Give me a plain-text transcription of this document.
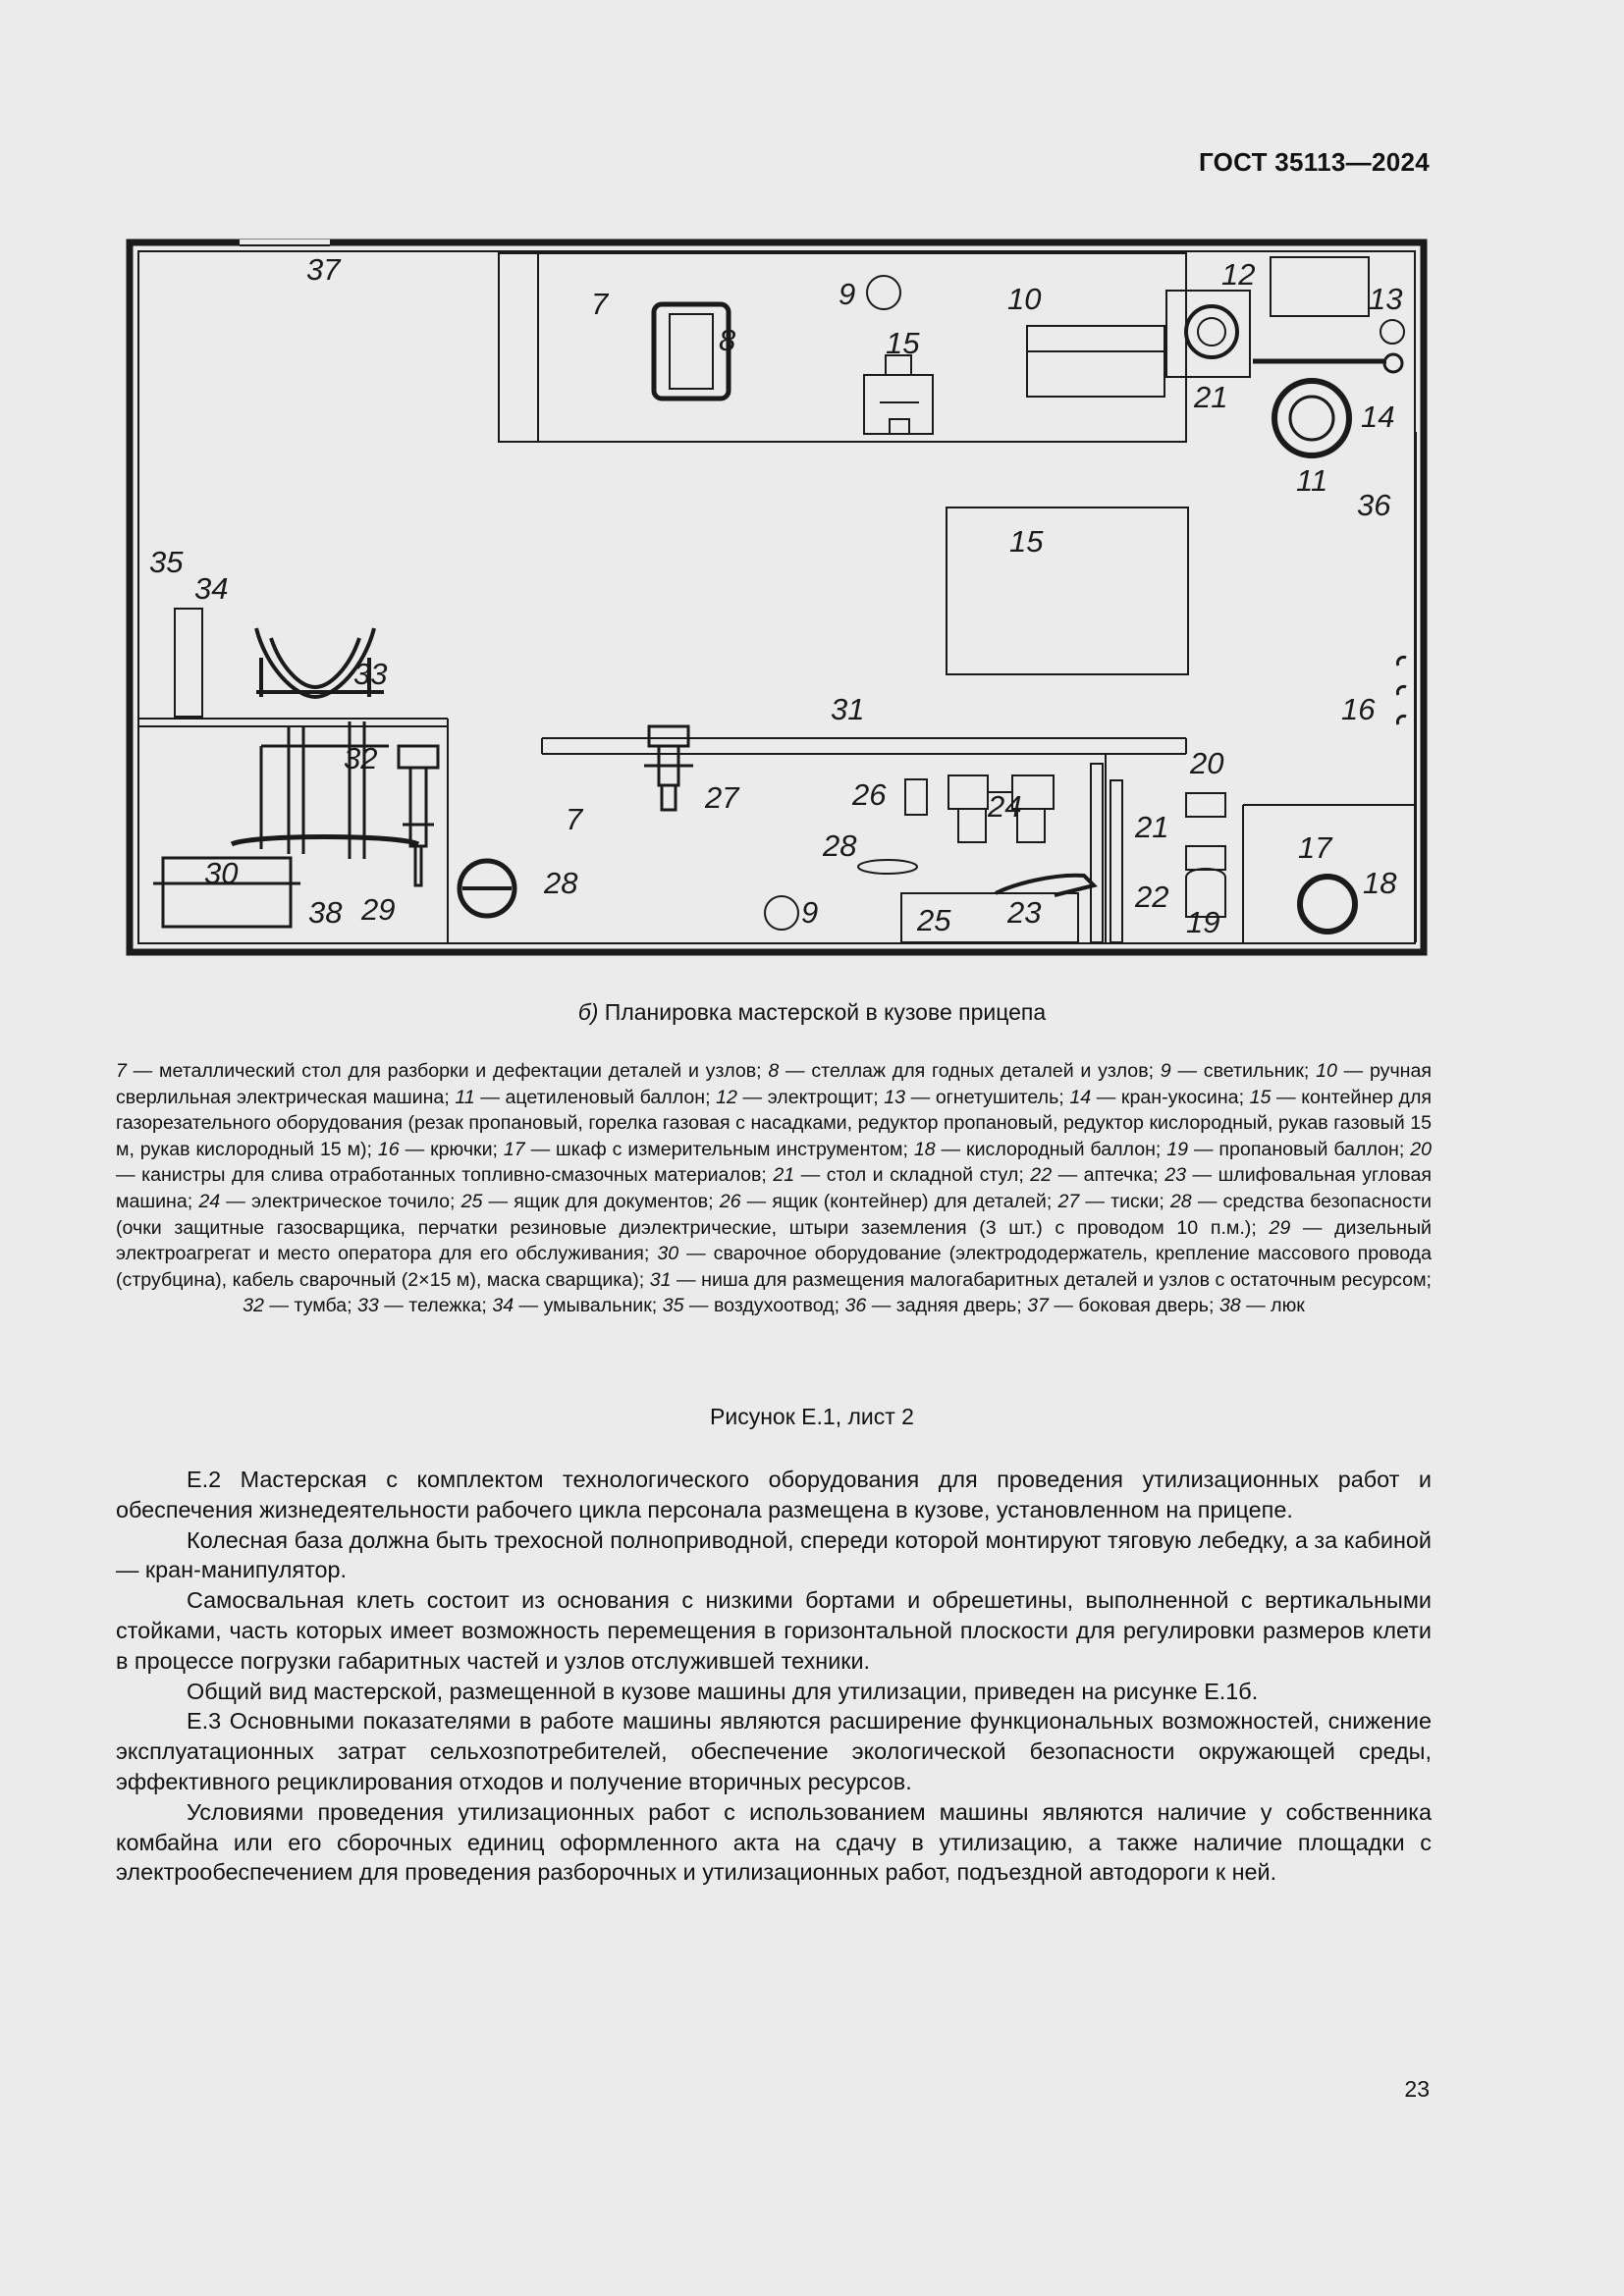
ГОСТ 35113—2024
37
7
8
9
15
10
12
13
21
14
11
36
15
35
34
33
31	16
32	20
26
27	24
7	21
17
28
28	18
30
38 29	9	25 23	22
19
б) Планировка мастерской в кузове прицепа
7 — металлический стол для разборки и дефектации деталей и узлов; 8 — стеллаж для годных деталей и узлов; 9 — светильник; 10 — ручная сверлильная электрическая машина; 11 — ацетиленовый баллон; 12 — электрощит; 13 — огнетушитель; 14 — кран-укосина; 15 — контейнер для газорезательного оборудования (резак пропановый, горелка газовая с насадками, редуктор пропановый, редуктор кислородный, рукав газовый 15 м, рукав кислородный 15 м); 16 — крючки; 17 — шкаф с измерительным инструментом; 18 — кислородный баллон; 19 — пропановый баллон; 20 — канистры для слива отработанных топливно-смазочных материалов; 21 — стол и складной стул; 22 — аптечка; 23 — шлифовальная угловая машина; 24 — электрическое точило; 25 — ящик для документов; 26 — ящик (контейнер) для деталей; 27 — тиски; 28 — средства безопасности (очки защитные газосварщика, перчатки резиновые диэлектрические, штыри заземления (3 шт.) с проводом 10 п.м.); 29 — дизельный электроагрегат и место оператора для его обслуживания; 30 — сварочное оборудование (электрододержатель, крепление массового провода (струбцина), кабель сварочный (2×15 м), маска сварщика); 31 — ниша для размещения малогабаритных деталей и узлов с остаточным ресурсом; 32 — тумба; 33 — тележка; 34 — умывальник; 35 — воздухоотвод; 36 — задняя дверь; 37 — боковая дверь; 38 — люк
Рисунок Е.1, лист 2

Е.2 Мастерская с комплектом технологического оборудования для проведения утилизационных работ и обеспечения жизнедеятельности рабочего цикла персонала размещена в кузове, установленном на прицепе.

Колесная база должна быть трехосной полноприводной, спереди которой монтируют тяговую лебедку, а за кабиной — кран-манипулятор.

Самосвальная клеть состоит из основания с низкими бортами и обрешетины, выполненной с вертикальными стойками, часть которых имеет возможность перемещения в горизонтальной плоскости для регулировки размеров клети в процессе погрузки габаритных частей и узлов отслужившей техники.

Общий вид мастерской, размещенной в кузове машины для утилизации, приведен на рисунке Е.1б.

Е.3 Основными показателями в работе машины являются расширение функциональных возможностей, снижение эксплуатационных затрат сельхозпотребителей, обеспечение экологической безопасности окружающей среды, эффективного рециклирования отходов и получение вторичных ресурсов.

Условиями проведения утилизационных работ с использованием машины являются наличие у собственника комбайна или его сборочных единиц оформленного акта на сдачу в утилизацию, а также наличие площадки с электрообеспечением для проведения разборочных и утилизационных работ, подъездной автодороги к ней.

23
